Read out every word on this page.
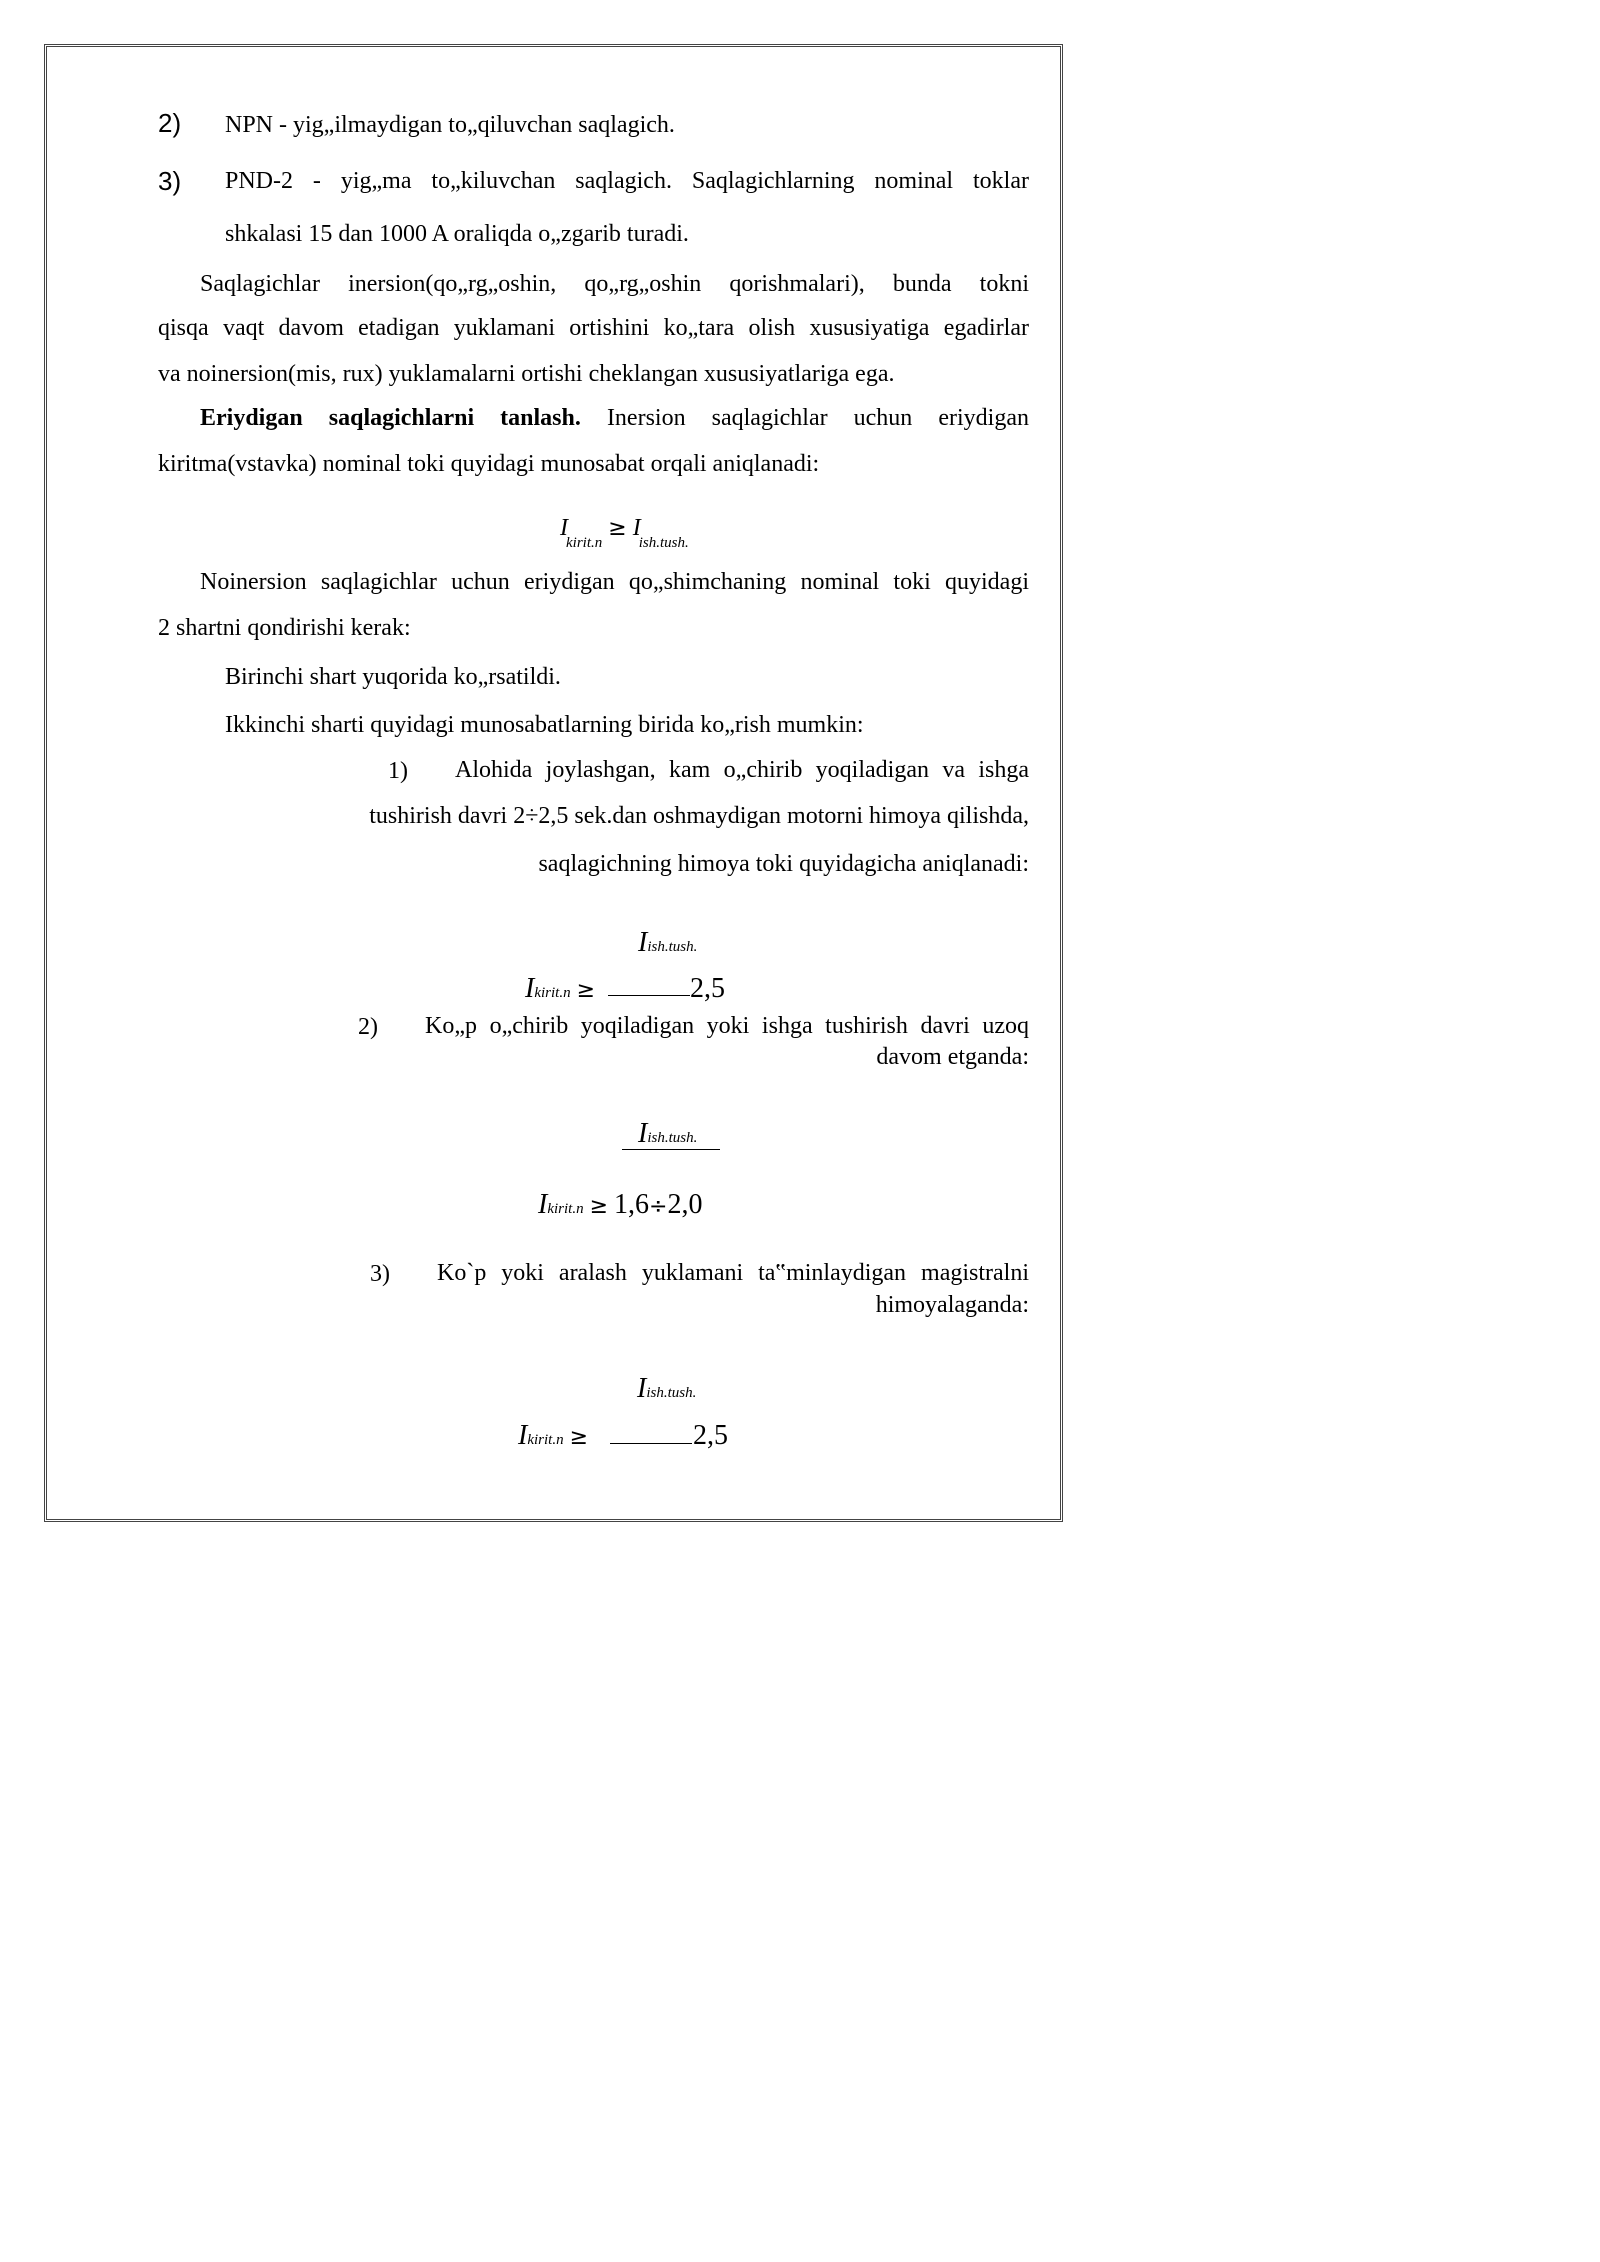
2) NPN - yig„ilmaydigan to„qiluvchan saqlagich.
3) PND-2 - yig„ma to„kiluvchan saqlagich. Saqlagichlarning nominal toklar
shkalasi 15 dan 1000 A oraliqda o„zgarib turadi.
Saqlagichlar inersion(qo„rg„oshin, qo„rg„oshin qorishmalari), bunda tokni
qisqa vaqt davom etadigan yuklamani ortishini ko„tara olish xususiyatiga egadirlar
va noinersion(mis, rux) yuklamalarni ortishi cheklangan xususiyatlariga ega.
Eriydigan saqlagichlarni tanlash. Inersion saqlagichlar uchun eriydigan
kiritma(vstavka) nominal toki quyidagi munosabat orqali aniqlanadi:
$I_{kirit.n} \ge I_{ish.tush.}$
Noinersion saqlagichlar uchun eriydigan qo„shimchaning nominal toki quyidagi
2 shartni qondirishi kerak:
Birinchi shart yuqorida ko„rsatildi.
Ikkinchi sharti quyidagi munosabatlarning birida ko„rish mumkin:
1) Alohida joylashgan, kam o„chirib yoqiladigan va ishga
tushirish davri 2÷2,5 sek.dan oshmaydigan motorni himoya qilishda,
saqlagichning himoya toki quyidagicha aniqlanadi:
Iish.tush.
Ikirit.n ≥	2,5
2) Ko„p o„chirib yoqiladigan yoki ishga tushirish davri uzoq
davom etganda:
Iish.tush.
Ikirit.n ≥ 1,6÷2,0
3) Ko`p yoki aralash yuklamani ta‟minlaydigan magistralni
himoyalaganda:
Iish.tush.
Ikirit.n ≥	2,5
